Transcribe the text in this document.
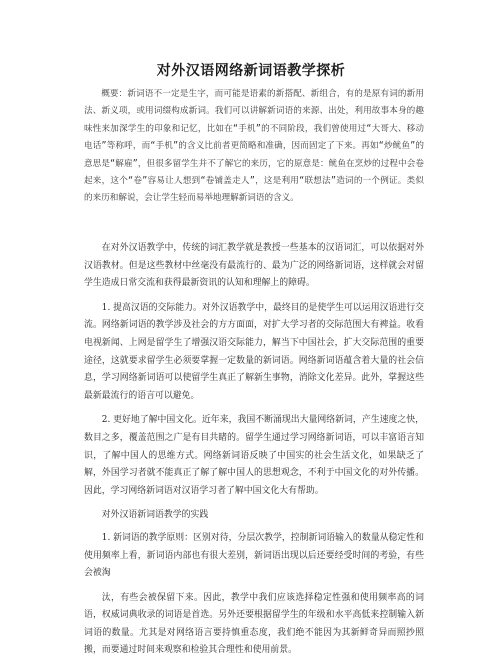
对外汉语网络新词语教学探析

概要：新词语不一定是生字，而可能是语素的新搭配、新组合，有的是原有词的新用法、新义项，或用词缀构成新词。我们可以讲解新词语的来源、出处，利用故事本身的趣味性来加深学生的印象和记忆，比如在“手机”的不同阶段，我们曾使用过“大哥大、移动电话”等称呼，而“手机”的含义比前者更简略和准确，因而固定了下来。再如“炒鱿鱼”的意思是“解雇”，但很多留学生并不了解它的来历，它的原意是：鱿鱼在烹炒的过程中会卷起来，这个“卷”容易让人想到“卷铺盖走人”，这是利用“联想法”造词的一个例证。类似的来历和解说，会让学生轻而易举地理解新词语的含义。

在对外汉语教学中，传统的词汇教学就是教授一些基本的汉语词汇，可以依据对外汉语教材。但是这些教材中丝毫没有最流行的、最为广泛的网络新词语，这样就会对留学生造成日常交流和获得最新资讯的认知和理解上的障碍。

1. 提高汉语的交际能力。对外汉语教学中，最终目的是使学生可以运用汉语进行交流。网络新词语的教学涉及社会的方方面面，对扩大学习者的交际范围大有裨益。收看电视新闻、上网是留学生了增强汉语交际能力，解当下中国社会，扩大交际范围的重要途径，这就要求留学生必须要掌握一定数量的新词语。网络新词语蕴含着大量的社会信息，学习网络新词语可以使留学生真正了解新生事物，消除文化差异。此外，掌握这些最新最流行的语言可以避免。

2. 更好地了解中国文化。近年来，我国不断涌现出大量网络新词，产生速度之快，数目之多，覆盖范围之广是有目共睹的。留学生通过学习网络新词语，可以丰富语言知识，了解中国人的思维方式。网络新词语反映了中国实的社会生活文化，如果缺乏了解，外国学习者就不能真正了解了解中国人的思想观念，不利于中国文化的对外传播。因此，学习网络新词语对汉语学习者了解中国文化大有帮助。

对外汉语新词语教学的实践

1. 新词语的教学原则：区别对待，分层次教学，控制新词语输入的数量从稳定性和使用频率上看，新词语内部也有很大差别，新词语出现以后还要经受时间的考验，有些会被淘

汰，有些会被保留下来。因此，教学中我们应该选择稳定性强和使用频率高的词语，权威词典收录的词语是首选。另外还要根据留学生的年级和水平高低来控制输入新词语的数量。尤其是对网络语言要持慎重态度，我们绝不能因为其新鲜奇异而照抄照搬，而要通过时间来观察和检验其合理性和使用前景。
